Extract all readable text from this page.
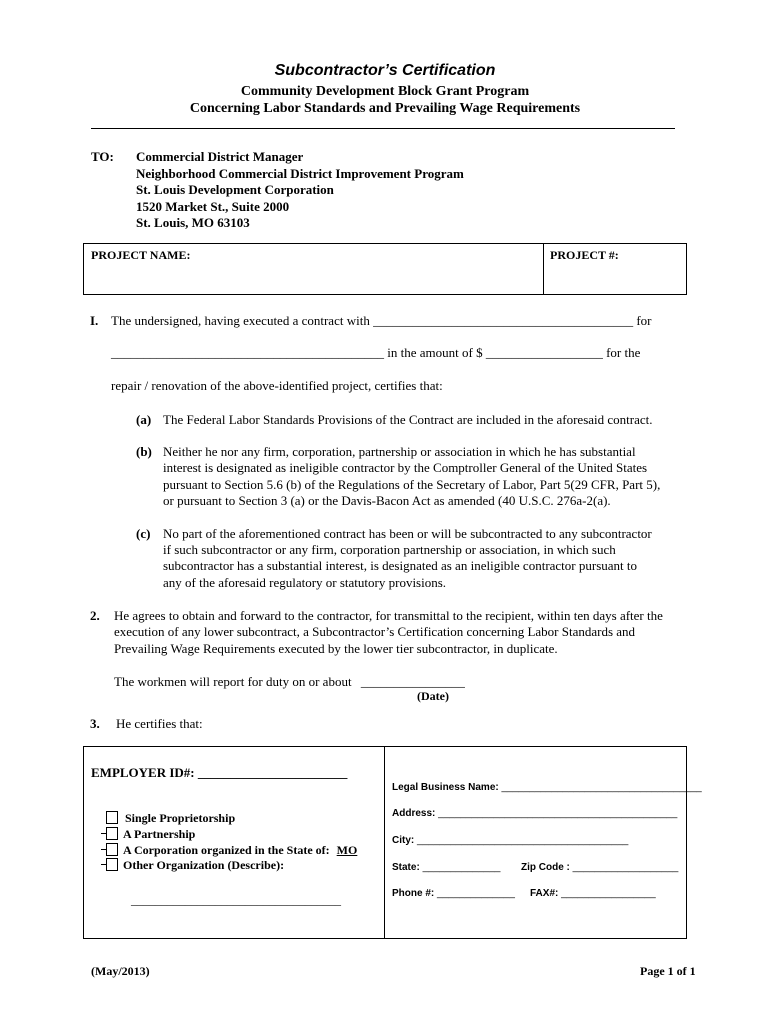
Subcontractor’s Certification
Community Development Block Grant Program
Concerning Labor Standards and Prevailing Wage Requirements
TO: Commercial District Manager
Neighborhood Commercial District Improvement Program
St. Louis Development Corporation
1520 Market St., Suite 2000
St. Louis, MO 63103
PROJECT NAME:	PROJECT #:
I. The undersigned, having executed a contract with ________________________________________ for
__________________________________________ in the amount of $ __________________ for the
repair / renovation of the above-identified project, certifies that:
(a) The Federal Labor Standards Provisions of the Contract are included in the aforesaid contract.
(b) Neither he nor any firm, corporation, partnership or association in which he has substantial
interest is designated as ineligible contractor by the Comptroller General of the United States
pursuant to Section 5.6 (b) of the Regulations of the Secretary of Labor, Part 5(29 CFR, Part 5),
or pursuant to Section 3 (a) or the Davis-Bacon Act as amended (40 U.S.C. 276a-2(a).
(c) No part of the aforementioned contract has been or will be subcontracted to any subcontractor
if such subcontractor or any firm, corporation partnership or association, in which such
subcontractor has a substantial interest, is designated as an ineligible contractor pursuant to
any of the aforesaid regulatory or statutory provisions.
2. He agrees to obtain and forward to the contractor, for transmittal to the recipient, within ten days after the
execution of any lower subcontract, a Subcontractor’s Certification concerning Labor Standards and
Prevailing Wage Requirements executed by the lower tier subcontractor, in duplicate.
The workmen will report for duty on or about ________________
(Date)
3. He certifies that:
EMPLOYER ID#: _______________________
Single Proprietorship
A Partnership
A Corporation organized in the State of: MO
Other Organization (Describe):
___________________________________
Legal Business Name: ____________________________________
Address: ___________________________________________
City: ______________________________________
State: ______________ Zip Code : ___________________
Phone #: ______________ FAX#: _________________
(May/2013)	Page 1 of 1
